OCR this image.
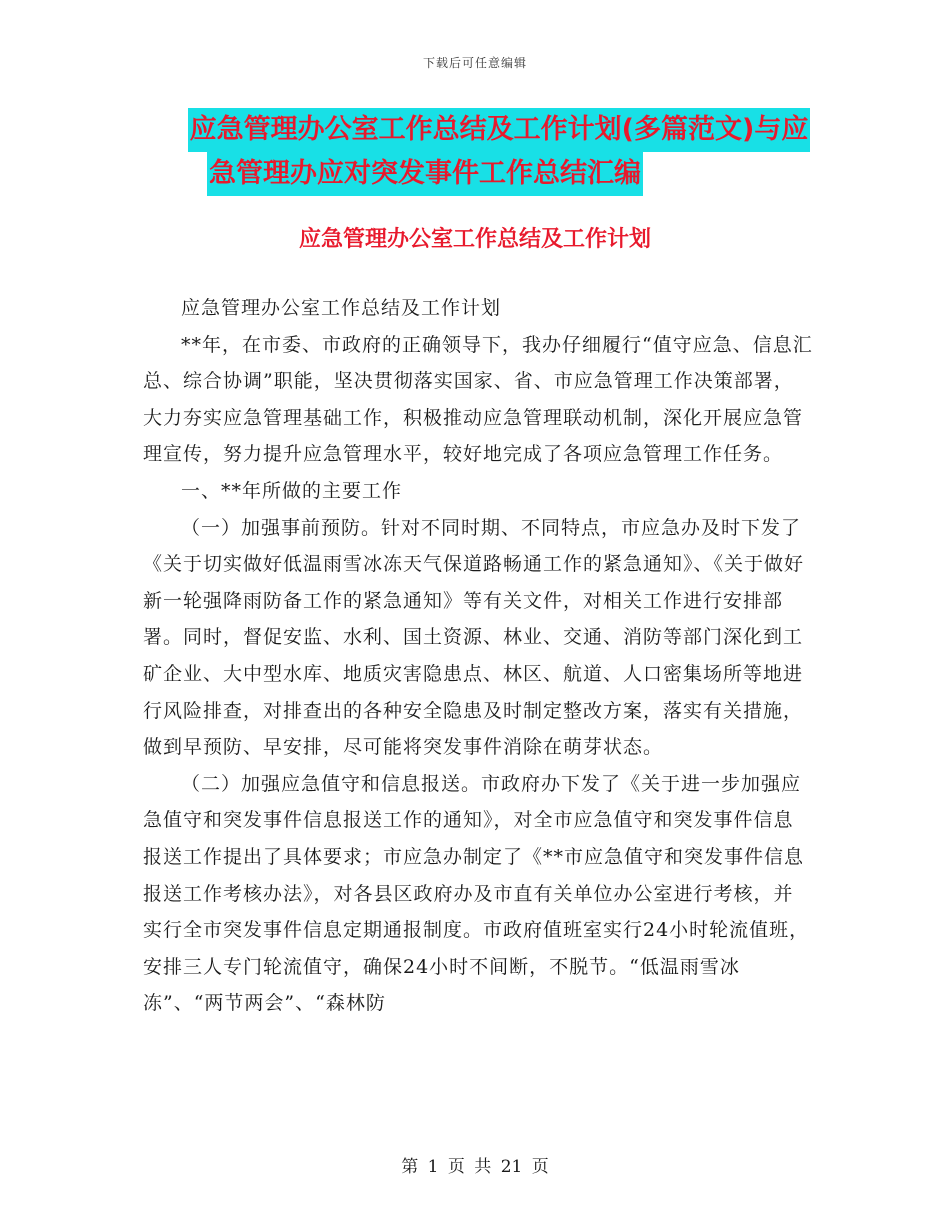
下载后可任意编辑
应急管理办公室工作总结及工作计划(多篇范文)与应
急管理办应对突发事件工作总结汇编
应急管理办公室工作总结及工作计划

应急管理办公室工作总结及工作计划

**年，在市委、市政府的正确领导下，我办仔细履行“值守应急、信息汇总、综合协调”职能，坚决贯彻落实国家、省、市应急管理工作决策部署，大力夯实应急管理基础工作，积极推动应急管理联动机制，深化开展应急管理宣传，努力提升应急管理水平，较好地完成了各项应急管理工作任务。

一、**年所做的主要工作

（一）加强事前预防。针对不同时期、不同特点，市应急办及时下发了《关于切实做好低温雨雪冰冻天气保道路畅通工作的紧急通知》、《关于做好新一轮强降雨防备工作的紧急通知》等有关文件，对相关工作进行安排部署。同时，督促安监、水利、国土资源、林业、交通、消防等部门深化到工矿企业、大中型水库、地质灾害隐患点、林区、航道、人口密集场所等地进行风险排查，对排查出的各种安全隐患及时制定整改方案，落实有关措施，做到早预防、早安排，尽可能将突发事件消除在萌芽状态。

（二）加强应急值守和信息报送。市政府办下发了《关于进一步加强应急值守和突发事件信息报送工作的通知》，对全市应急值守和突发事件信息报送工作提出了具体要求；市应急办制定了《**市应急值守和突发事件信息报送工作考核办法》，对各县区政府办及市直有关单位办公室进行考核，并实行全市突发事件信息定期通报制度。市政府值班室实行24小时轮流值班，安排三人专门轮流值守，确保24小时不间断，不脱节。“低温雨雪冰冻”、“两节两会”、“森林防

第 1 页 共 21 页
